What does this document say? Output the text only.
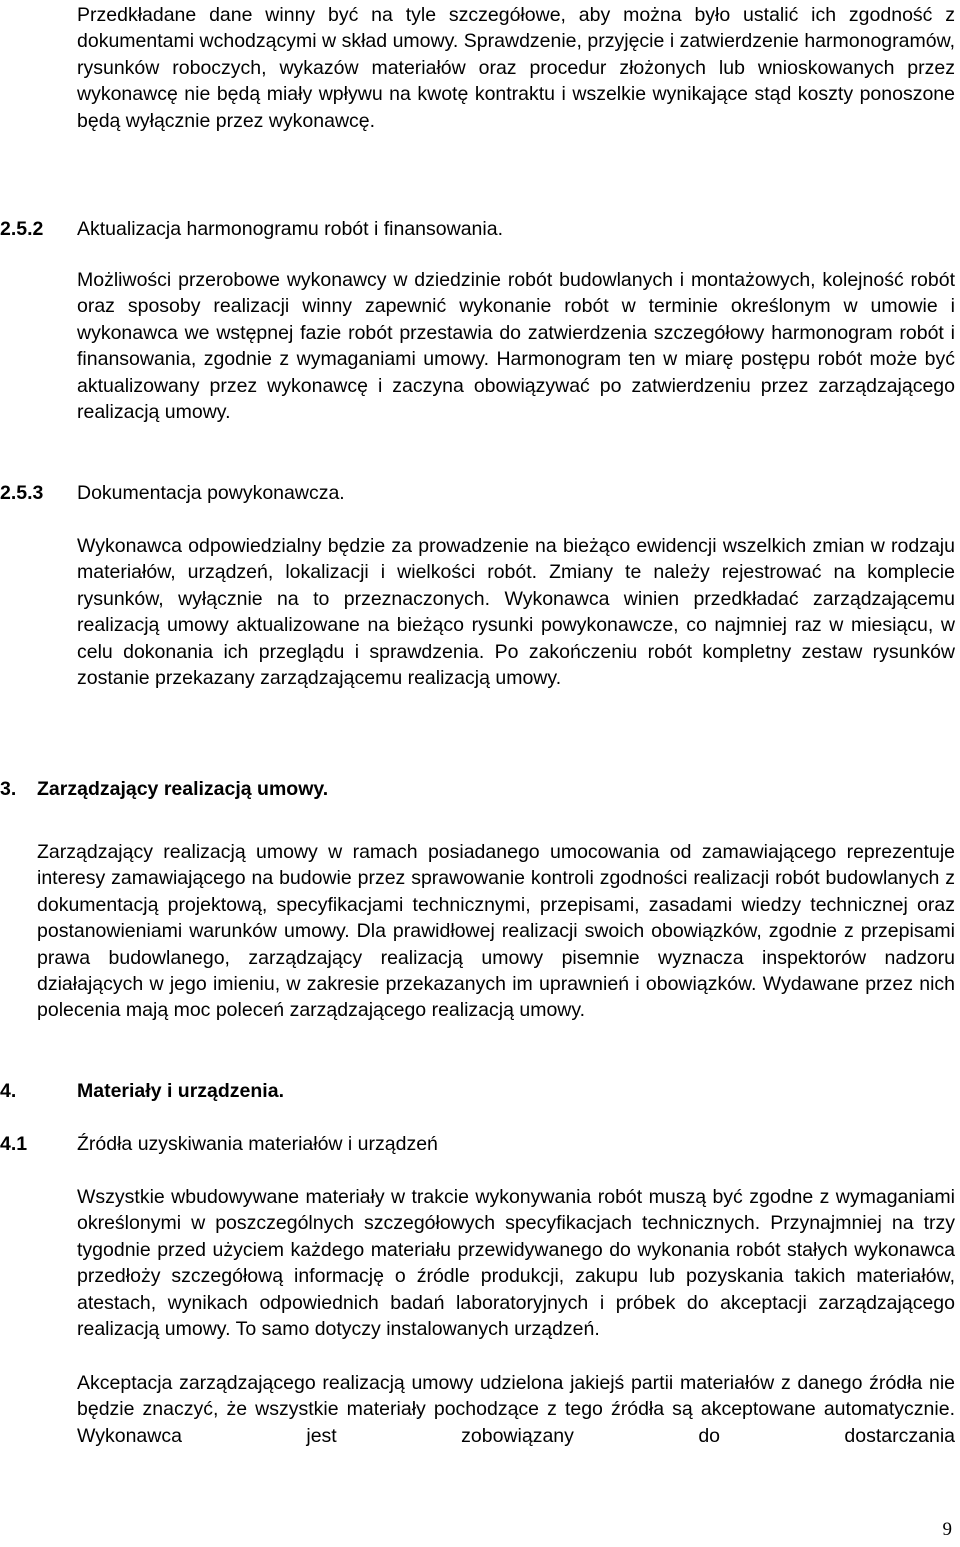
Przedkładane dane winny być na tyle szczegółowe, aby można było ustalić ich zgodność z dokumentami wchodzącymi w skład umowy. Sprawdzenie, przyjęcie i zatwierdzenie harmonogramów, rysunków roboczych, wykazów materiałów oraz procedur złożonych lub wnioskowanych przez wykonawcę nie będą miały wpływu na kwotę kontraktu i wszelkie wynikające stąd koszty ponoszone będą wyłącznie przez wykonawcę.

2.5.2 Aktualizacja harmonogramu robót i finansowania.

Możliwości przerobowe wykonawcy w dziedzinie robót budowlanych i montażowych, kolejność robót oraz sposoby realizacji winny zapewnić wykonanie robót w terminie określonym w umowie i wykonawca we wstępnej fazie robót przestawia do zatwierdzenia szczegółowy harmonogram robót i finansowania, zgodnie z wymaganiami umowy. Harmonogram ten w miarę postępu robót może być aktualizowany przez wykonawcę i zaczyna obowiązywać po zatwierdzeniu przez zarządzającego realizacją umowy.

2.5.3 Dokumentacja powykonawcza.

Wykonawca odpowiedzialny będzie za prowadzenie na bieżąco ewidencji wszelkich zmian w rodzaju materiałów, urządzeń, lokalizacji i wielkości robót. Zmiany te należy rejestrować na komplecie rysunków, wyłącznie na to przeznaczonych. Wykonawca winien przedkładać zarządzającemu realizacją umowy aktualizowane na bieżąco rysunki powykonawcze, co najmniej raz w miesiącu, w celu dokonania ich przeglądu i sprawdzenia. Po zakończeniu robót kompletny zestaw rysunków zostanie przekazany zarządzającemu realizacją umowy.

3. Zarządzający realizacją umowy.

Zarządzający realizacją umowy w ramach posiadanego umocowania od zamawiającego reprezentuje interesy zamawiającego na budowie przez sprawowanie kontroli zgodności realizacji robót budowlanych z dokumentacją projektową, specyfikacjami technicznymi, przepisami, zasadami wiedzy technicznej oraz postanowieniami warunków umowy. Dla prawidłowej realizacji swoich obowiązków, zgodnie z przepisami prawa budowlanego, zarządzający realizacją umowy pisemnie wyznacza inspektorów nadzoru działających w jego imieniu, w zakresie przekazanych im uprawnień i obowiązków. Wydawane przez nich polecenia mają moc poleceń zarządzającego realizacją umowy.

4.	Materiały i urządzenia.
4.1	Źródła uzyskiwania materiałów i urządzeń

Wszystkie wbudowywane materiały w trakcie wykonywania robót muszą być zgodne z wymaganiami określonymi w poszczególnych szczegółowych specyfikacjach technicznych. Przynajmniej na trzy tygodnie przed użyciem każdego materiału przewidywanego do wykonania robót stałych wykonawca przedłoży szczegółową informację o źródle produkcji, zakupu lub pozyskania takich materiałów, atestach, wynikach odpowiednich badań laboratoryjnych i próbek do akceptacji zarządzającego realizacją umowy. To samo dotyczy instalowanych urządzeń.

Akceptacja zarządzającego realizacją umowy udzielona jakiejś partii materiałów z danego źródła nie będzie znaczyć, że wszystkie materiały pochodzące z tego źródła są akceptowane automatycznie. Wykonawca jest zobowiązany do dostarczania

9
